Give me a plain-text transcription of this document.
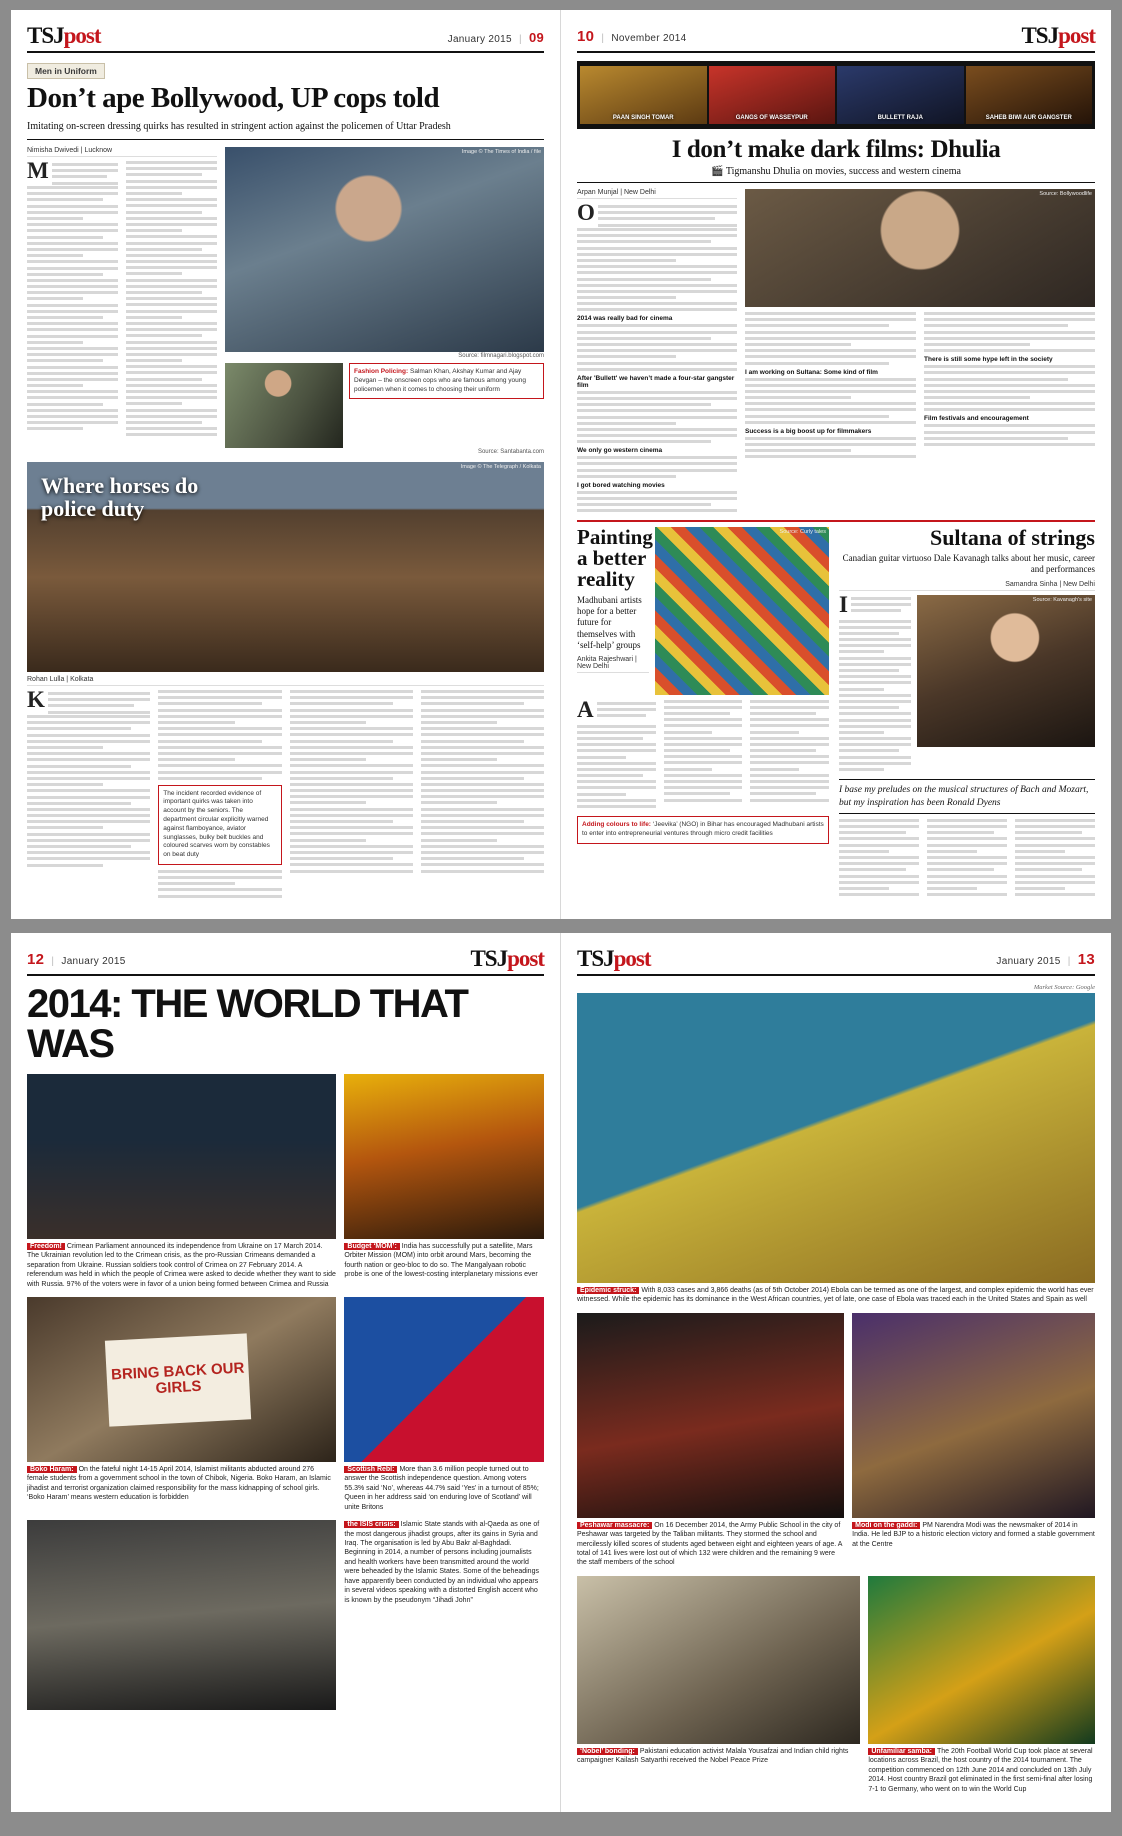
TSJpost	January 2015 | 09
Men in Uniform
Don’t ape Bollywood, UP cops told

Imitating on-screen dressing quirks has resulted in stringent action against the policemen of Uttar Pradesh

Nimisha Dwivedi | Lucknow
M
Image © The Times of India / file
Source: filmnagari.blogspot.com
Fashion Policing: Salman Khan, Akshay Kumar and Ajay Devgan – the onscreen cops who are famous among young policemen when it comes to choosing their uniform
Source: Santabanta.com
Where horses do police duty
Image © The Telegraph / Kolkata
Rohan Lulla | Kolkata
K
The incident recorded evidence of important quirks was taken into account by the seniors. The department circular explicitly warned against flamboyance, aviator sunglasses, bulky belt buckles and coloured scarves worn by constables on beat duty
10 | November 2014	TSJpost
PAAN SINGH TOMAR	GANGS OF WASSEYPUR	BULLETT RAJA	SAHEB BIWI AUR GANGSTER
I don’t make dark films: Dhulia
🎬 Tigmanshu Dhulia on movies, success and western cinema
Arpan Munjal | New Delhi
O
2014 was really bad for cinema
After 'Bullett' we haven’t made a four-star gangster film
We only go western cinema
I got bored watching movies
Source: Bollywoodlife
I am working on Sultana: Some kind of film
Success is a big boost up for filmmakers
There is still some hype left in the society
Film festivals and encouragement
Painting a better reality
Madhubani artists hope for a better future for themselves with ‘self-help’ groups
Ankita Rajeshwari | New Delhi
Source: Curly tales
A
Adding colours to life: ‘Jeevika’ (NGO) in Bihar has encouraged Madhubani artists to enter into entrepreneurial ventures through micro credit facilities
Sultana of strings
Canadian guitar virtuoso Dale Kavanagh talks about her music, career and performances
Samandra Sinha | New Delhi
I	Source: Kavanagh’s site
I base my preludes on the musical structures of Bach and Mozart, but my inspiration has been Ronald Dyens
12 | January 2015	TSJpost
2014: THE WORLD THAT WAS
Freedom! Crimean Parliament announced its independence from Ukraine on 17 March 2014. The Ukrainian revolution led to the Crimean crisis, as the pro-Russian Crimeans demanded a separation from Ukraine. Russian soldiers took control of Crimea on 27 February 2014. A referendum was held in which the people of Crimea were asked to decide whether they want to side with Russia. 97% of the voters were in favor of a union being formed between Crimea and Russia
Budget ‘MOM’: India has successfully put a satellite, Mars Orbiter Mission (MOM) into orbit around Mars, becoming the fourth nation or geo-bloc to do so. The Mangalyaan robotic probe is one of the lowest-costing interplanetary missions ever
BRING BACK OUR GIRLS
Boko Haram: On the fateful night 14-15 April 2014, Islamist militants abducted around 276 female students from a government school in the town of Chibok, Nigeria. Boko Haram, an Islamic jihadist and terrorist organization claimed responsibility for the mass kidnapping of school girls. ‘Boko Haram’ means western education is forbidden
Scottish Rebl: More than 3.6 million people turned out to answer the Scottish independence question. Among voters 55.3% said ‘No’, whereas 44.7% said ‘Yes’ in a turnout of 85%; Queen in her address said ‘on enduring love of Scotland’ will unite Britons
the ISIS crisis: Islamic State stands with al-Qaeda as one of the most dangerous jihadist groups, after its gains in Syria and Iraq. The organisation is led by Abu Bakr al-Baghdadi. Beginning in 2014, a number of persons including journalists and health workers have been transmitted around the world were beheaded by the Islamic States. Some of the beheadings have apparently been conducted by an individual who appears in several videos speaking with a distorted English accent who is known by the pseudonym “Jihadi John”
TSJpost	January 2015 | 13
Market Source: Google
Epidemic struck: With 8,033 cases and 3,866 deaths (as of 5th October 2014) Ebola can be termed as one of the largest, and complex epidemic the world has ever witnessed. While the epidemic has its dominance in the West African countries, yet of late, one case of Ebola was traced each in the United States and Spain as well
Peshawar massacre: On 16 December 2014, the Army Public School in the city of Peshawar was targeted by the Taliban militants. They stormed the school and mercilessly killed scores of students aged between eight and eighteen years of age. A total of 141 lives were lost out of which 132 were children and the remaining 9 were the staff members of the school
Modi on the gaddi: PM Narendra Modi was the newsmaker of 2014 in India. He led BJP to a historic election victory and formed a stable government at the Centre
‘Nobel’ bonding: Pakistani education activist Malala Yousafzai and Indian child rights campaigner Kailash Satyarthi received the Nobel Peace Prize
Unfamiliar samba: The 20th Football World Cup took place at several locations across Brazil, the host country of the 2014 tournament. The competition commenced on 12th June 2014 and concluded on 13th July 2014. Host country Brazil got eliminated in the first semi-final after losing 7-1 to Germany, who went on to win the World Cup
